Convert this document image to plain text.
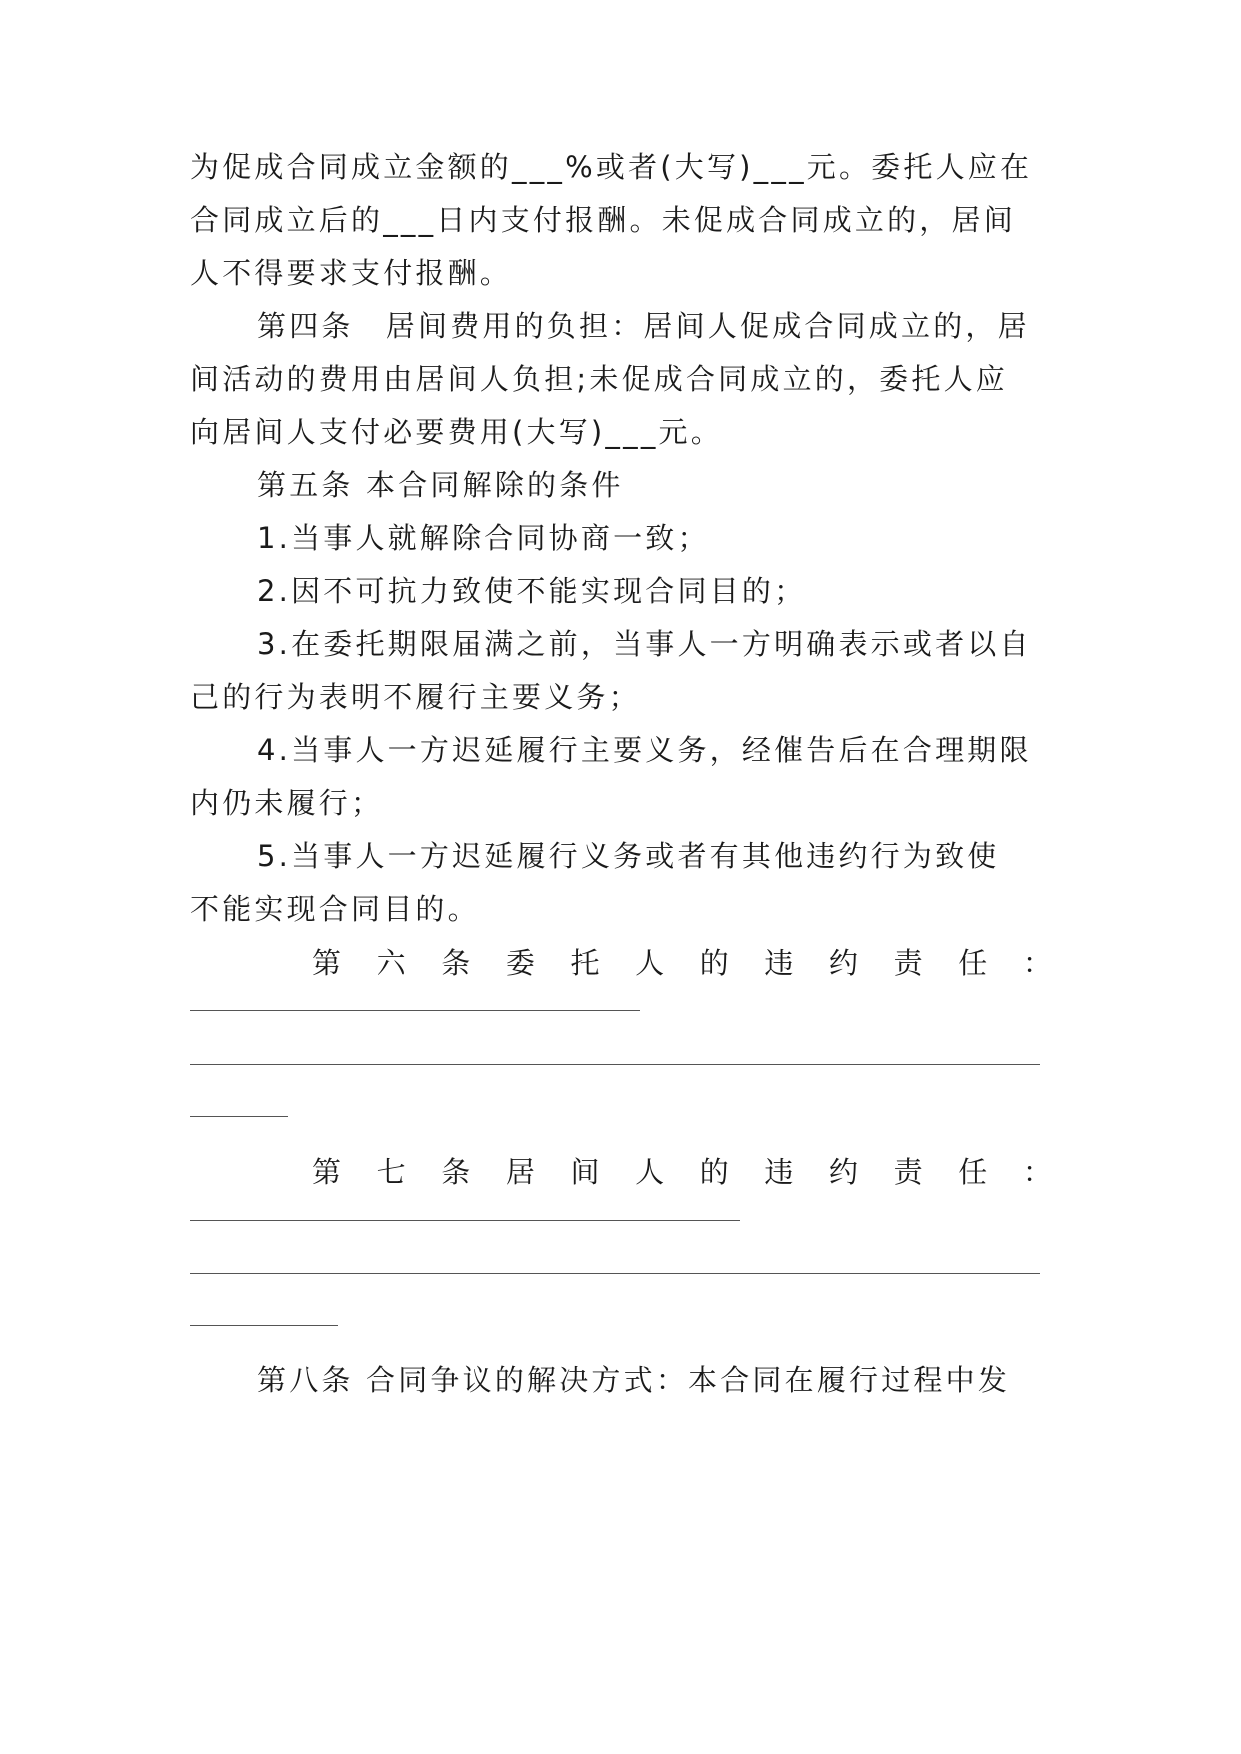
为促成合同成立金额的___%或者(大写)___元。委托人应在
合同成立后的___日内支付报酬。未促成合同成立的，居间
人不得要求支付报酬。
第四条　居间费用的负担：居间人促成合同成立的，居
间活动的费用由居间人负担;未促成合同成立的，委托人应
向居间人支付必要费用(大写)___元。
第五条 本合同解除的条件
1.当事人就解除合同协商一致；
2.因不可抗力致使不能实现合同目的；
3.在委托期限届满之前，当事人一方明确表示或者以自
己的行为表明不履行主要义务；
4.当事人一方迟延履行主要义务，经催告后在合理期限
内仍未履行；
5.当事人一方迟延履行义务或者有其他违约行为致使
不能实现合同目的。
第 六 条 委 托 人 的 违 约 责 任 ：
第 七 条 居 间 人 的 违 约 责 任 ：
第八条 合同争议的解决方式：本合同在履行过程中发
